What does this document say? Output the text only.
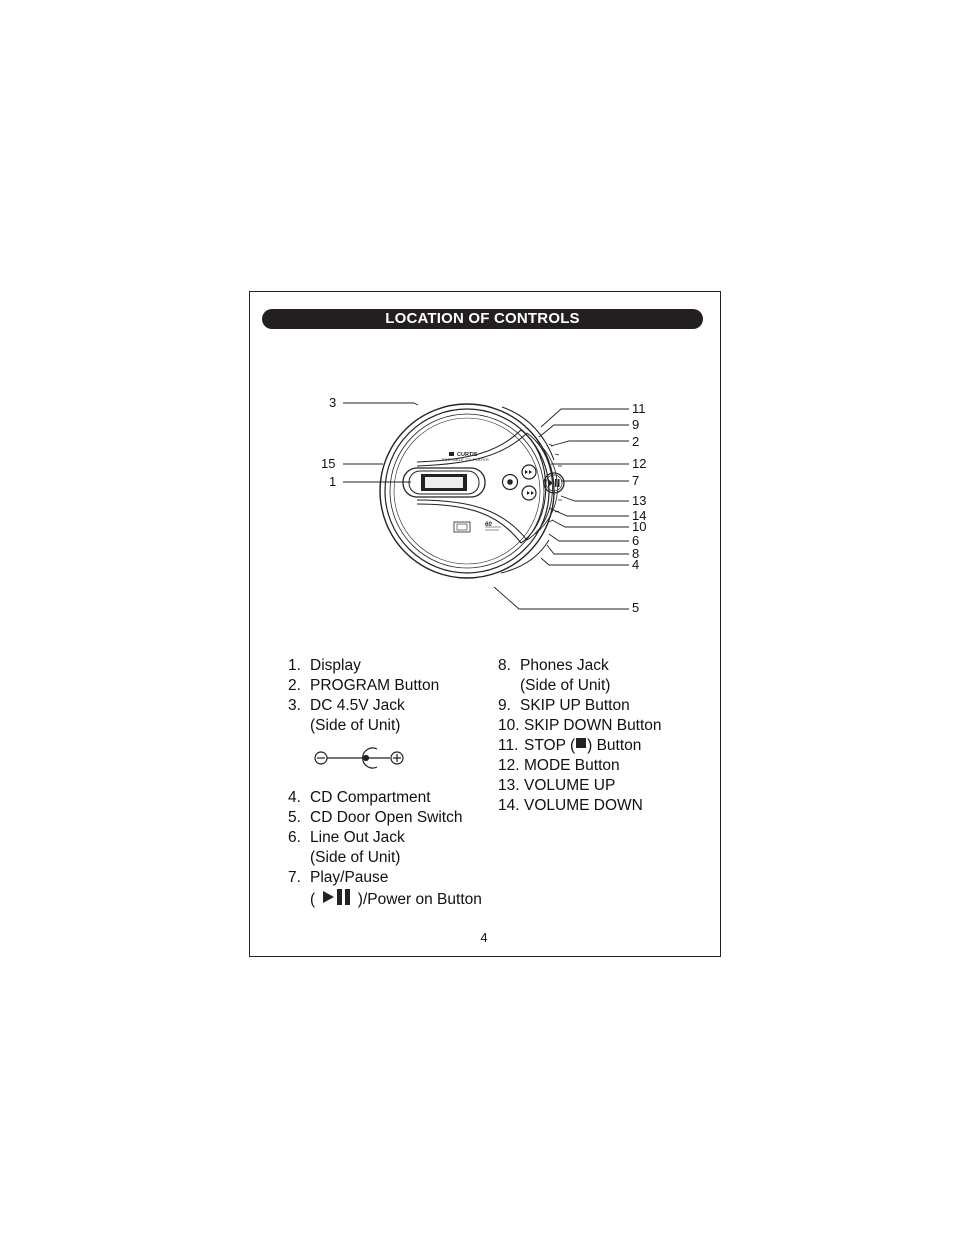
LOCATION OF CONTROLS
CURTIS
PORTABLE CD PLAYER
60
3
15
1
11
9
2
12
7
13
14
10
6
8
4
5
1. Display
2. PROGRAM Button
3. DC 4.5V Jack
(Side of Unit)
4. CD Compartment
5. CD Door Open Switch
6. Line Out Jack
(Side of Unit)
7. Play/Pause
(	)/Power on Button
8. Phones Jack
(Side of Unit)
9. SKIP UP Button
10. SKIP DOWN Button
11. STOP ( ) Button
12. MODE Button
13. VOLUME UP
14. VOLUME DOWN
4
